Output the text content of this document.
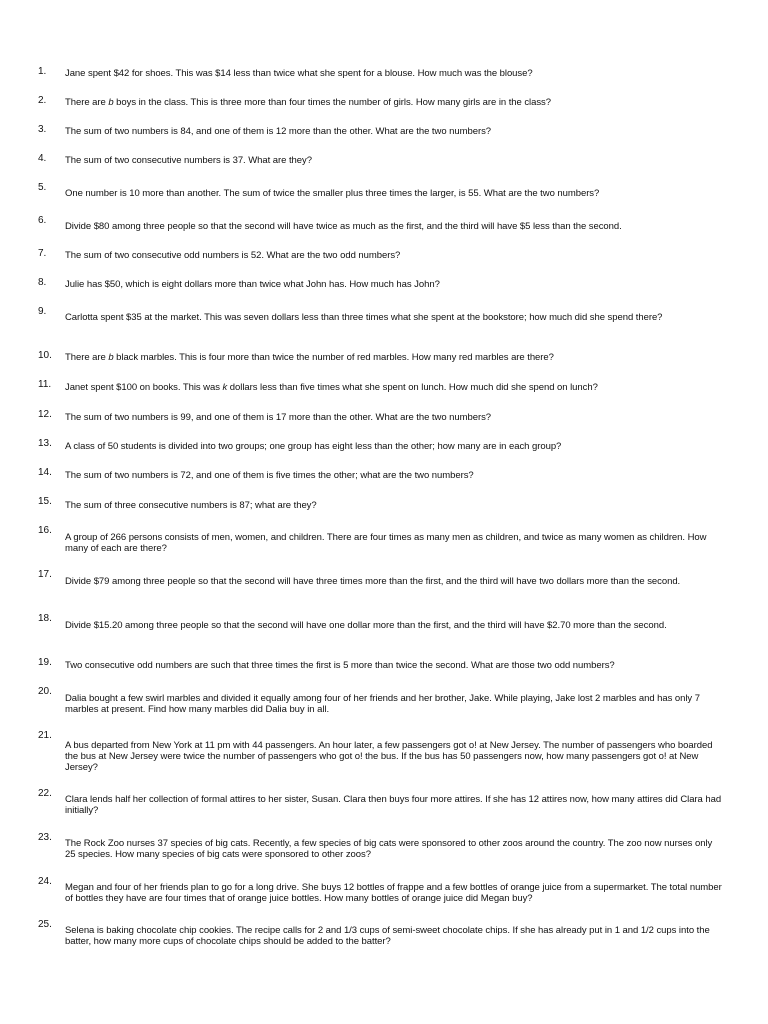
1. Jane spent $42 for shoes. This was $14 less than twice what she spent for a blouse. How much was the blouse?
2. There are b boys in the class. This is three more than four times the number of girls. How many girls are in the class?
3. The sum of two numbers is 84, and one of them is 12 more than the other. What are the two numbers?
4. The sum of two consecutive numbers is 37. What are they?
5.
One number is 10 more than another. The sum of twice the smaller plus three times the larger, is 55. What are the two numbers?
6.
Divide $80 among three people so that the second will have twice as much as the first, and the third will have $5 less than the second.
7. The sum of two consecutive odd numbers is 52. What are the two odd numbers?
8. Julie has $50, which is eight dollars more than twice what John has. How much has John?
9.
Carlotta spent $35 at the market. This was seven dollars less than three times what she spent at the bookstore; how much did she spend there?
10. There are b black marbles. This is four more than twice the number of red marbles. How many red marbles are there?
11. Janet spent $100 on books. This was k dollars less than five times what she spent on lunch. How much did she spend on lunch?
12. The sum of two numbers is 99, and one of them is 17 more than the other. What are the two numbers?
13. A class of 50 students is divided into two groups; one group has eight less than the other; how many are in each group?
14. The sum of two numbers is 72, and one of them is five times the other; what are the two numbers?
15. The sum of three consecutive numbers is 87; what are they?
16.
A group of 266 persons consists of men, women, and children. There are four times as many men as children, and twice as many women as children. How many of each are there?
17.
Divide $79 among three people so that the second will have three times more than the first, and the third will have two dollars more than the second.
18.
Divide $15.20 among three people so that the second will have one dollar more than the first, and the third will have $2.70 more than the second.
19. Two consecutive odd numbers are such that three times the first is 5 more than twice the second. What are those two odd numbers?
20.
Dalia bought a few swirl marbles and divided it equally among four of her friends and her brother, Jake. While playing, Jake lost 2 marbles and has only 7 marbles at present. Find how many marbles did Dalia buy in all.
21.
A bus departed from New York at 11 pm with 44 passengers. An hour later, a few passengers got o! at New Jersey. The number of passengers who boarded the bus at New Jersey were twice the number of passengers who got o! the bus. If the bus has 50 passengers now, how many passengers got o! at New Jersey?
22.
Clara lends half her collection of formal attires to her sister, Susan. Clara then buys four more attires. If she has 12 attires now, how many attires did Clara had initially?
23.
The Rock Zoo nurses 37 species of big cats. Recently, a few species of big cats were sponsored to other zoos around the country. The zoo now nurses only 25 species. How many species of big cats were sponsored to other zoos?
24.
Megan and four of her friends plan to go for a long drive. She buys 12 bottles of frappe and a few bottles of orange juice from a supermarket. The total number of bottles they have are four times that of orange juice bottles. How many bottles of orange juice did Megan buy?
25.
Selena is baking chocolate chip cookies. The recipe calls for 2 and 1/3 cups of semi-sweet chocolate chips. If she has already put in 1 and 1/2 cups into the batter, how many more cups of chocolate chips should be added to the batter?
